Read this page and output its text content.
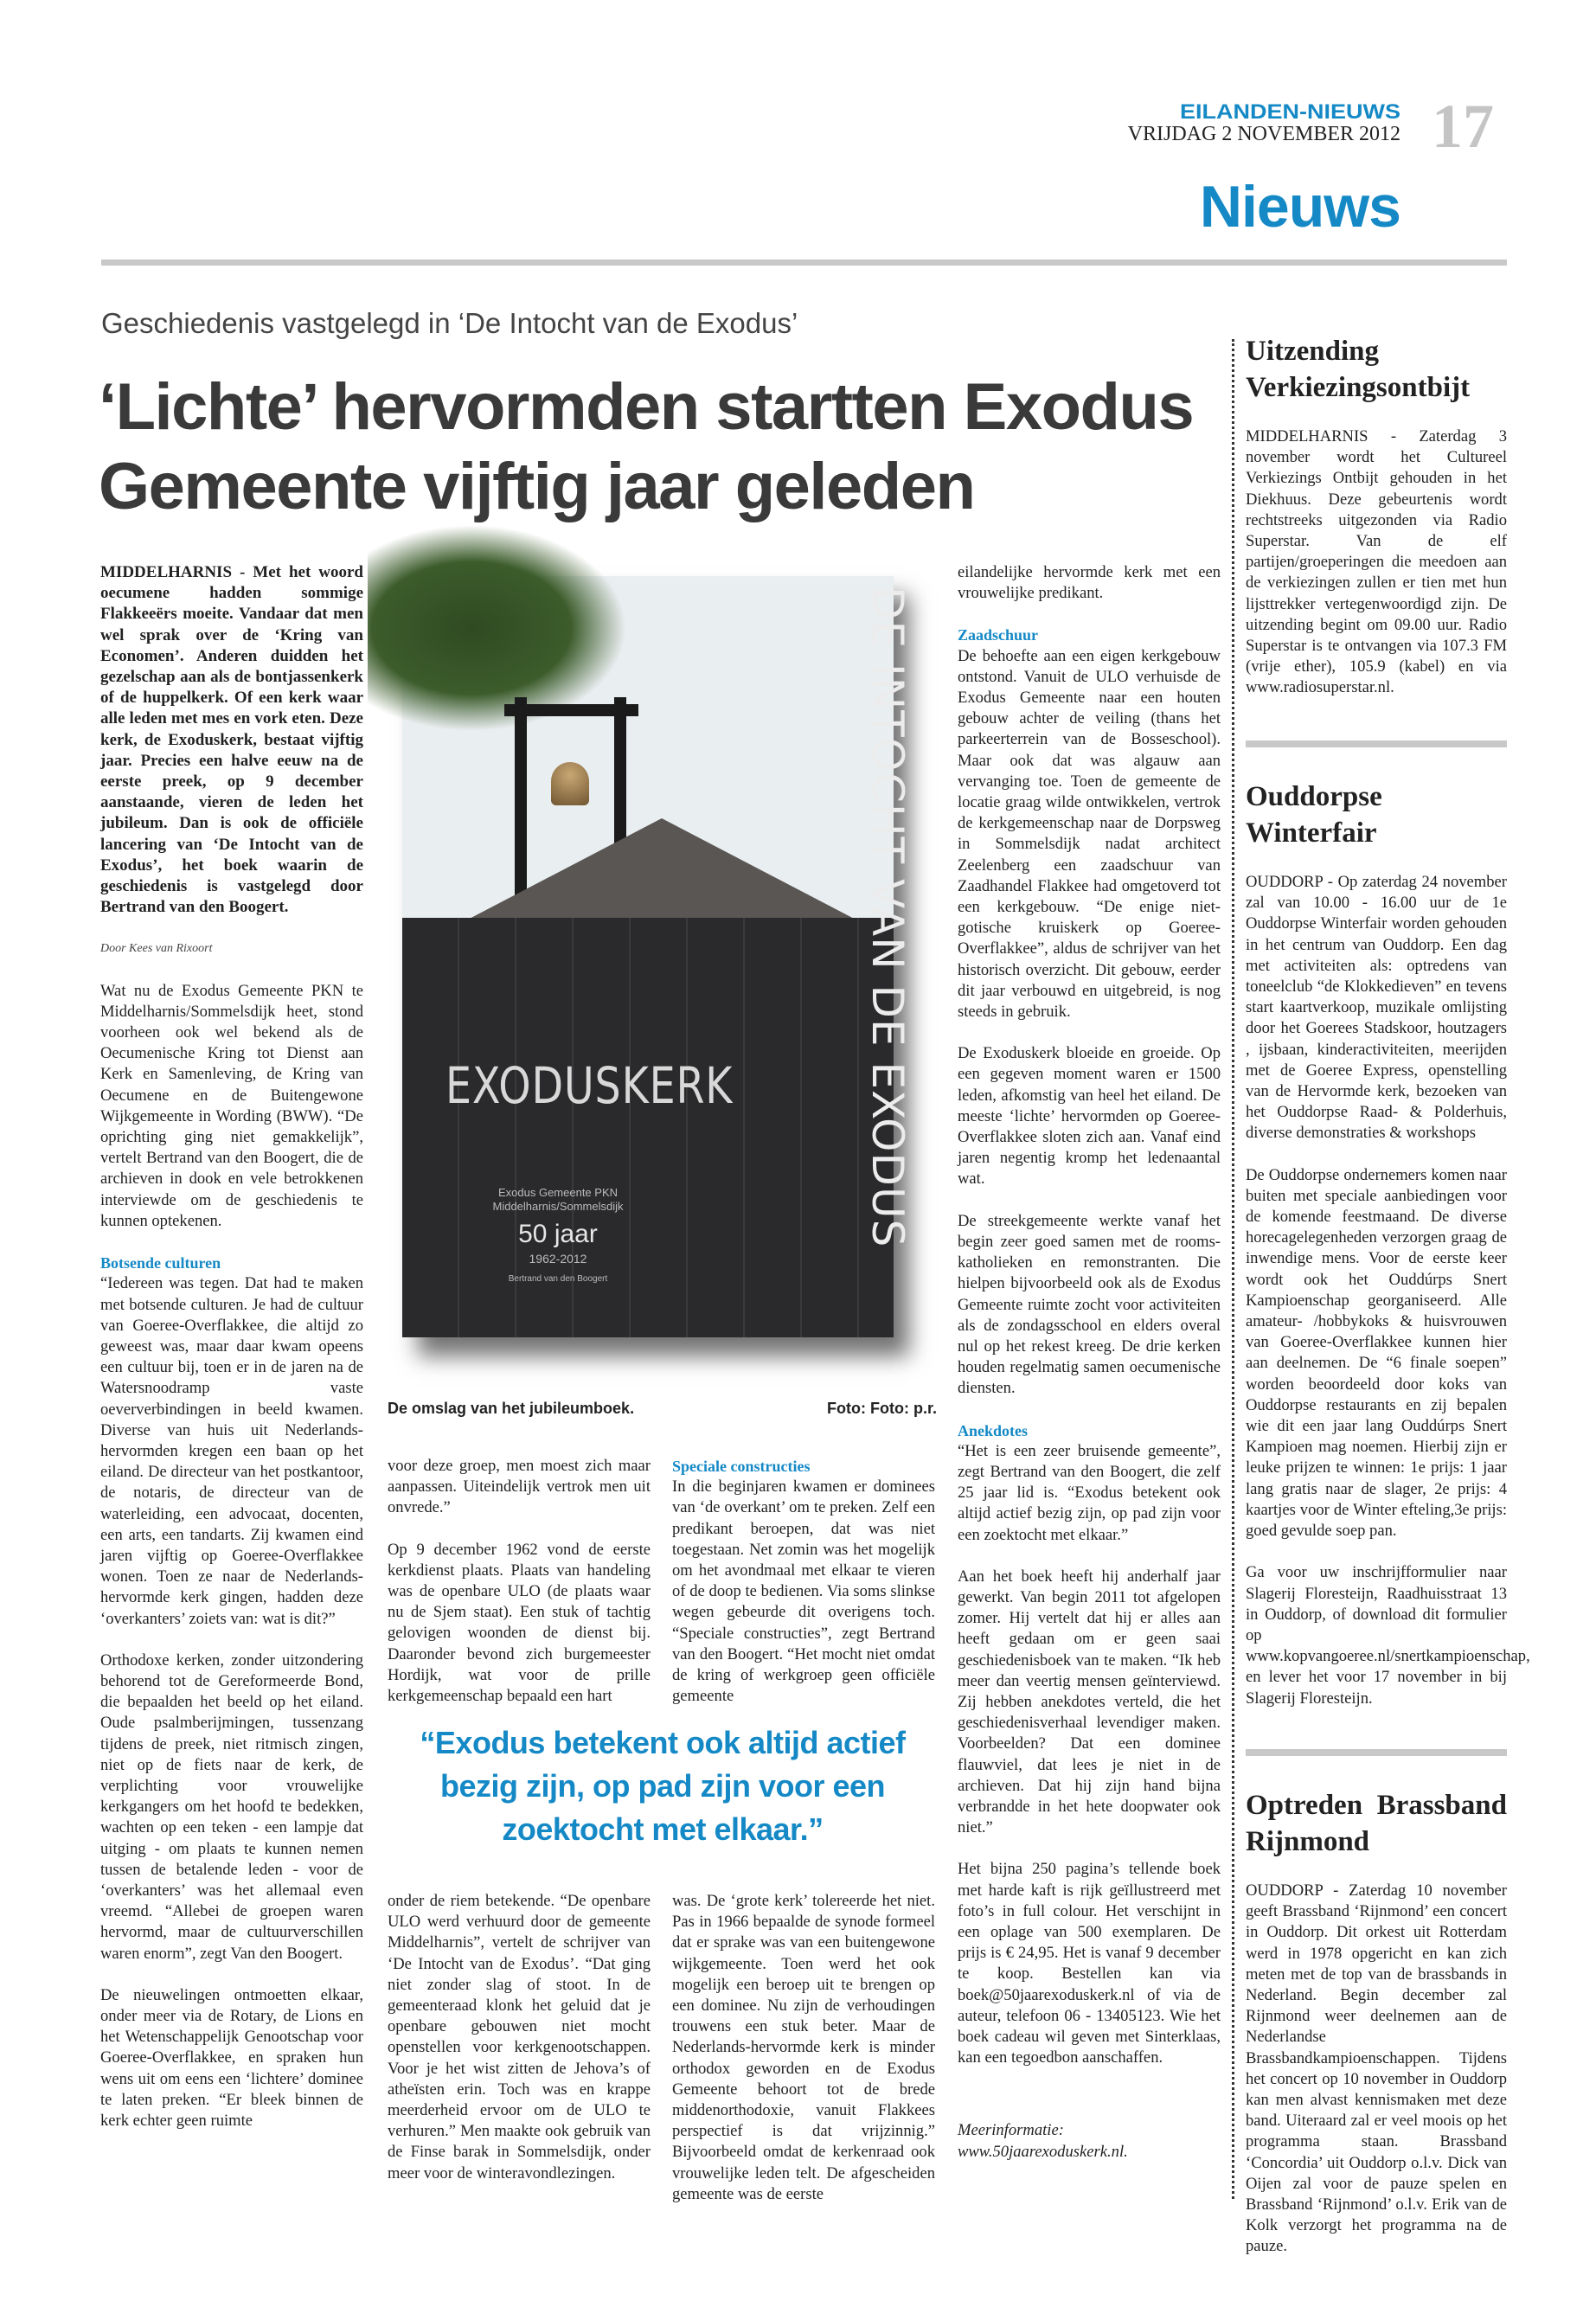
EILANDEN-NIEUWS
VRIJDAG 2 NOVEMBER 2012 17
Nieuws
Geschiedenis vastgelegd in ‘De Intocht van de Exodus’
‘Lichte’ hervormden startten Exodus
Gemeente vijftig jaar geleden

MIDDELHARNIS - Met het woord oecumene hadden sommige Flakkeeërs moeite. Vandaar dat men wel sprak over de ‘Kring van Economen’. Anderen duidden het gezelschap aan als de bontjassenkerk of de huppelkerk. Of een kerk waar alle leden met mes en vork eten. Deze kerk, de Exoduskerk, bestaat vijftig jaar. Precies een halve eeuw na de eerste preek, op 9 december aanstaande, vieren de leden het jubileum. Dan is ook de officiële lancering van ‘De Intocht van de Exodus’, het boek waarin de geschiedenis is vastgelegd door Bertrand van den Boogert.

Door Kees van Rixoort

Wat nu de Exodus Gemeente PKN te Middelharnis/Sommelsdijk heet, stond voorheen ook wel bekend als de Oecumenische Kring tot Dienst aan Kerk en Samenleving, de Kring van Oecumene en de Buitengewone Wijkgemeente in Wording (BWW). “De oprichting ging niet gemakkelijk”, vertelt Bertrand van den Boogert, die de archieven in dook en vele betrokkenen interviewde om de geschiedenis te kunnen optekenen.

Botsende culturen

“Iedereen was tegen. Dat had te maken met botsende culturen. Je had de cultuur van Goeree-Overflakkee, die altijd zo geweest was, maar daar kwam opeens een cultuur bij, toen er in de jaren na de Watersnoodramp vaste oeververbindingen in beeld kwamen. Diverse van huis uit Nederlands-hervormden kregen een baan op het eiland. De directeur van het postkantoor, de notaris, de directeur van de waterleiding, een advocaat, docenten, een arts, een tandarts. Zij kwamen eind jaren vijftig op Goeree-Overflakkee wonen. Toen ze naar de Nederlands-hervormde kerk gingen, hadden deze ‘overkanters’ zoiets van: wat is dit?”

Orthodoxe kerken, zonder uitzondering behorend tot de Gereformeerde Bond, die bepaalden het beeld op het eiland. Oude psalmberijmingen, tussenzang tijdens de preek, niet ritmisch zingen, niet op de fiets naar de kerk, de verplichting voor vrouwelijke kerkgangers om het hoofd te bedekken, wachten op een teken - een lampje dat uitging - om plaats te kunnen nemen tussen de betalende leden - voor de ‘overkanters’ was het allemaal even vreemd. “Allebei de groepen waren hervormd, maar de cultuurverschillen waren enorm”, zegt Van den Boogert.

De nieuwelingen ontmoetten elkaar, onder meer via de Rotary, de Lions en het Wetenschappelijk Genootschap voor Goeree-Overflakkee, en spraken hun wens uit om eens een ‘lichtere’ dominee te laten preken. “Er bleek binnen de kerk echter geen ruimte

EXODUSKERK
Exodus Gemeente PKN
Middelharnis/Sommelsdijk
50 jaar
1962-2012
Bertrand van den Boogert
DE INTOCHT VAN DE EXODUS
De omslag van het jubileumboek.	Foto: Foto: p.r.

voor deze groep, men moest zich maar aanpassen. Uiteindelijk vertrok men uit onvrede.”

Op 9 december 1962 vond de eerste kerkdienst plaats. Plaats van handeling was de openbare ULO (de plaats waar nu de Sjem staat). Een stuk of tachtig gelovigen woonden de dienst bij. Daaronder bevond zich burgemeester Hordijk, wat voor de prille kerkgemeenschap bepaald een hart

onder de riem betekende. “De openbare ULO werd verhuurd door de gemeente Middelharnis”, vertelt de schrijver van ‘De Intocht van de Exodus’. “Dat ging niet zonder slag of stoot. In de gemeenteraad klonk het geluid dat je openbare gebouwen niet mocht openstellen voor kerkgenootschappen. Voor je het wist zitten de Jehova’s of atheïsten erin. Toch was en krappe meerderheid ervoor om de ULO te verhuren.” Men maakte ook gebruik van de Finse barak in Sommelsdijk, onder meer voor de winteravondlezingen.

Speciale constructies

In die beginjaren kwamen er dominees van ‘de overkant’ om te preken. Zelf een predikant beroepen, dat was niet toegestaan. Net zomin was het mogelijk om het avondmaal met elkaar te vieren of de doop te bedienen. Via soms slinkse wegen gebeurde dit overigens toch. “Speciale constructies”, zegt Bertrand van den Boogert. “Het mocht niet omdat de kring of werkgroep geen officiële gemeente

was. De ‘grote kerk’ tolereerde het niet. Pas in 1966 bepaalde de synode formeel dat er sprake was van een buitengewone wijkgemeente. Toen werd het ook mogelijk een beroep uit te brengen op een dominee. Nu zijn de verhoudingen trouwens een stuk beter. Maar de Nederlands-hervormde kerk is minder orthodox geworden en de Exodus Gemeente behoort tot de brede middenorthodoxie, vanuit Flakkees perspectief is dat vrijzinnig.” Bijvoorbeeld omdat de kerkenraad ook vrouwelijke leden telt. De afgescheiden gemeente was de eerste

“Exodus betekent ook altijd actief bezig zijn, op pad zijn voor een zoektocht met elkaar.”

eilandelijke hervormde kerk met een vrouwelijke predikant.

Zaadschuur

De behoefte aan een eigen kerkgebouw ontstond. Vanuit de ULO verhuisde de Exodus Gemeente naar een houten gebouw achter de veiling (thans het parkeerterrein van de Bosseschool). Maar ook dat was algauw aan vervanging toe. Toen de gemeente de locatie graag wilde ontwikkelen, vertrok de kerkgemeenschap naar de Dorpsweg in Sommelsdijk nadat architect Zeelenberg een zaadschuur van Zaadhandel Flakkee had omgetoverd tot een kerkgebouw. “De enige niet-gotische kruiskerk op Goeree-Overflakkee”, aldus de schrijver van het historisch overzicht. Dit gebouw, eerder dit jaar verbouwd en uitgebreid, is nog steeds in gebruik.

De Exoduskerk bloeide en groeide. Op een gegeven moment waren er 1500 leden, afkomstig van heel het eiland. De meeste ‘lichte’ hervormden op Goeree-Overflakkee sloten zich aan. Vanaf eind jaren negentig kromp het ledenaantal wat.

De streekgemeente werkte vanaf het begin zeer goed samen met de rooms-katholieken en remonstranten. Die hielpen bijvoorbeeld ook als de Exodus Gemeente ruimte zocht voor activiteiten als de zondagsschool en elders overal nul op het rekest kreeg. De drie kerken houden regelmatig samen oecumenische diensten.

Anekdotes

“Het is een zeer bruisende gemeente”, zegt Bertrand van den Boogert, die zelf 25 jaar lid is. “Exodus betekent ook altijd actief bezig zijn, op pad zijn voor een zoektocht met elkaar.”

Aan het boek heeft hij anderhalf jaar gewerkt. Van begin 2011 tot afgelopen zomer. Hij vertelt dat hij er alles aan heeft gedaan om er geen saai geschiedenisboek van te maken. “Ik heb meer dan veertig mensen geïnterviewd. Zij hebben anekdotes verteld, die het geschiedenisverhaal levendiger maken. Voorbeelden? Dat een dominee flauwviel, dat lees je niet in de archieven. Dat hij zijn hand bijna verbrandde in het hete doopwater ook niet.”

Het bijna 250 pagina’s tellende boek met harde kaft is rijk geïllustreerd met foto’s in full colour. Het verschijnt in een oplage van 500 exemplaren. De prijs is € 24,95. Het is vanaf 9 december te koop. Bestellen kan via boek@50jaarexoduskerk.nl of via de auteur, telefoon 06 - 13405123. Wie het boek cadeau wil geven met Sinterklaas, kan een tegoedbon aanschaffen.

Meerinformatie:

www.50jaarexoduskerk.nl.

Uitzending Verkiezingsontbijt

MIDDELHARNIS - Zaterdag 3 november wordt het Cultureel Verkiezings Ontbijt gehouden in het Diekhuus. Deze gebeurtenis wordt rechtstreeks uitgezonden via Radio Superstar. Van de elf partijen/groeperingen die meedoen aan de verkiezingen zullen er tien met hun lijsttrekker vertegenwoordigd zijn. De uitzending begint om 09.00 uur. Radio Superstar is te ontvangen via 107.3 FM (vrije ether), 105.9 (kabel) en via www.radiosuperstar.nl.

Ouddorpse Winterfair

OUDDORP - Op zaterdag 24 november zal van 10.00 - 16.00 uur de 1e Ouddorpse Winterfair worden gehouden in het centrum van Ouddorp. Een dag met activiteiten als: optredens van toneelclub “de Klokkedieven” en tevens start kaartverkoop, muzikale omlijsting door het Goerees Stadskoor, houtzagers , ijsbaan, kinderactiviteiten, meerijden met de Goeree Express, openstelling van de Hervormde kerk, bezoeken van het Ouddorpse Raad- & Polderhuis, diverse demonstraties & workshops

De Ouddorpse ondernemers komen naar buiten met speciale aanbiedingen voor de komende feestmaand. De diverse horecagelegenheden verzorgen graag de inwendige mens. Voor de eerste keer wordt ook het Ouddúrps Snert Kampioenschap georganiseerd. Alle amateur- /hobbykoks & huisvrouwen van Goeree-Overflakkee kunnen hier aan deelnemen. De “6 finale soepen” worden beoordeeld door koks van Ouddorpse restaurants en zij bepalen wie dit een jaar lang Ouddúrps Snert Kampioen mag noemen. Hierbij zijn er leuke prijzen te winnen: 1e prijs: 1 jaar lang gratis naar de slager, 2e prijs: 4 kaartjes voor de Winter efteling,3e prijs: goed gevulde soep pan.

Ga voor uw inschrijfformulier naar Slagerij Floresteijn, Raadhuisstraat 13 in Ouddorp, of download dit formulier op www.kopvangoeree.nl/snertkampioenschap, en lever het voor 17 november in bij Slagerij Floresteijn.

Optreden Brassband Rijnmond

OUDDORP - Zaterdag 10 november geeft Brassband ‘Rijnmond’ een concert in Ouddorp. Dit orkest uit Rotterdam werd in 1978 opgericht en kan zich meten met de top van de brassbands in Nederland. Begin december zal Rijnmond weer deelnemen aan de Nederlandse Brassbandkampioenschappen. Tijdens het concert op 10 november in Ouddorp kan men alvast kennismaken met deze band. Uiteraard zal er veel moois op het programma staan. Brassband ‘Concordia’ uit Ouddorp o.l.v. Dick van Oijen zal voor de pauze spelen en Brassband ‘Rijnmond’ o.l.v. Erik van de Kolk verzorgt het programma na de pauze.
